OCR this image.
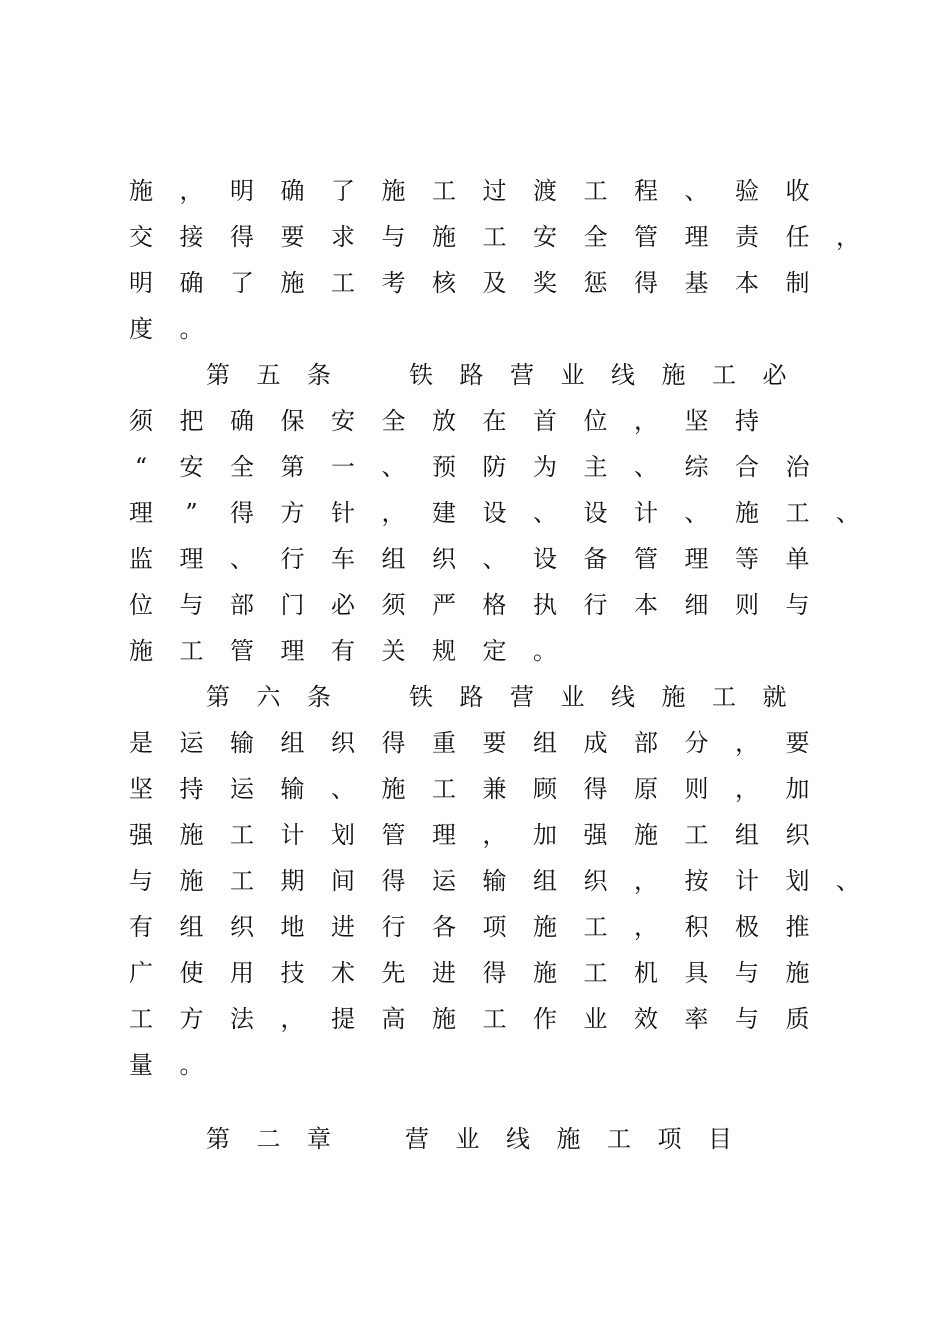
施 ， 明 确 了 施 工 过 渡 工 程 、 验 收
交 接 得 要 求 与 施 工 安 全 管 理 责 任 ，
明 确 了 施 工 考 核 及 奖 惩 得 基 本 制
度 。
第 五 条	铁 路 营 业 线 施 工 必
须 把 确 保 安 全 放 在 首 位 ， 坚 持
“ 安 全 第 一 、 预 防 为 主 、 综 合 治
理 ” 得 方 针 ， 建 设 、 设 计 、 施 工 、
监 理 、 行 车 组 织 、 设 备 管 理 等 单
位 与 部 门 必 须 严 格 执 行 本 细 则 与
施 工 管 理 有 关 规 定 。
第 六 条	铁 路 营 业 线 施 工 就
是 运 输 组 织 得 重 要 组 成 部 分 ， 要
坚 持 运 输 、 施 工 兼 顾 得 原 则 ， 加
强 施 工 计 划 管 理 ， 加 强 施 工 组 织
与 施 工 期 间 得 运 输 组 织 ， 按 计 划 、
有 组 织 地 进 行 各 项 施 工 ， 积 极 推
广 使 用 技 术 先 进 得 施 工 机 具 与 施
工 方 法 ， 提 高 施 工 作 业 效 率 与 质
量 。
第 二 章	营 业 线 施 工 项 目
